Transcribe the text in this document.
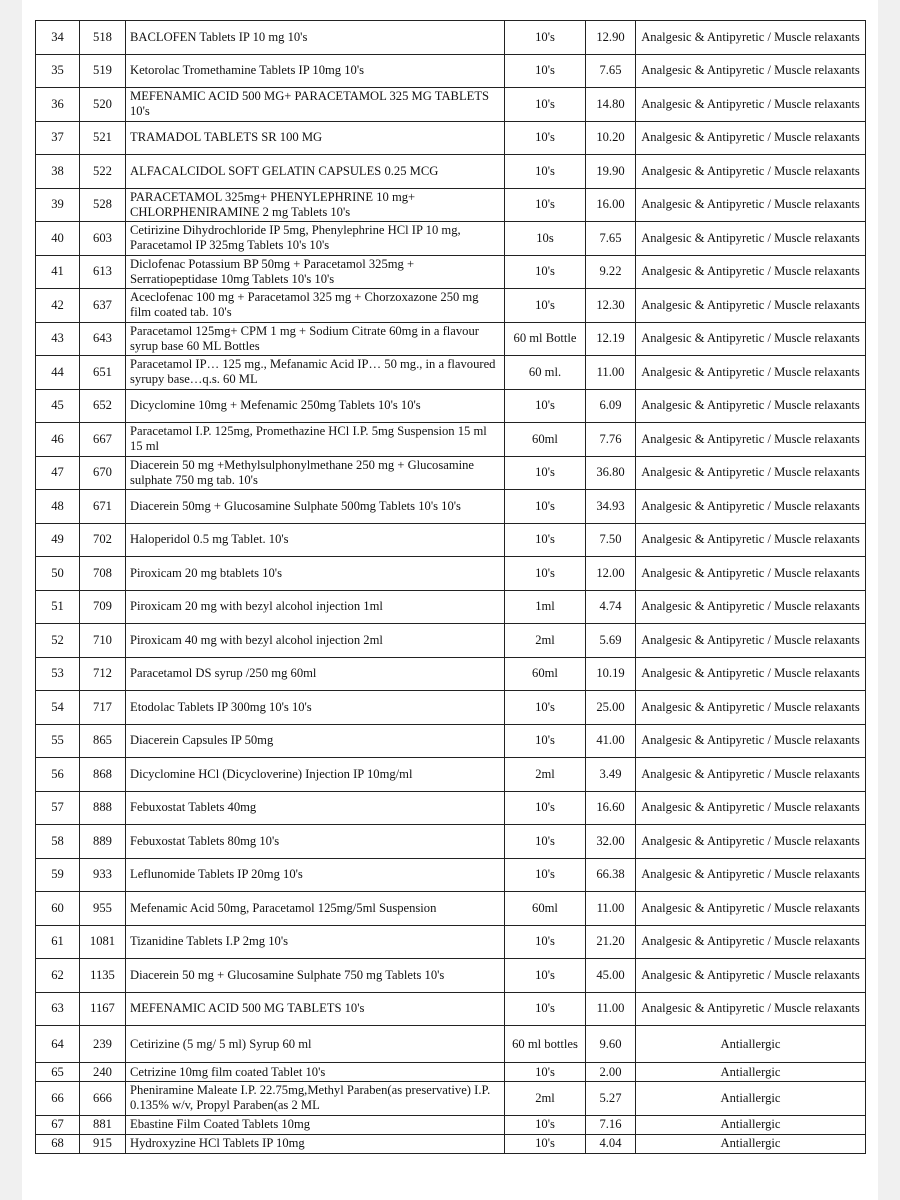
34	518	BACLOFEN Tablets IP 10 mg 10's	10's	12.90	Analgesic & Antipyretic / Muscle relaxants
35	519	Ketorolac Tromethamine Tablets IP 10mg 10's	10's	7.65	Analgesic & Antipyretic / Muscle relaxants
36	520	MEFENAMIC ACID 500 MG+ PARACETAMOL 325 MG TABLETS 10's	10's	14.80	Analgesic & Antipyretic / Muscle relaxants
37	521	TRAMADOL TABLETS SR 100 MG	10's	10.20	Analgesic & Antipyretic / Muscle relaxants
38	522	ALFACALCIDOL SOFT GELATIN CAPSULES 0.25 MCG	10's	19.90	Analgesic & Antipyretic / Muscle relaxants
39	528	PARACETAMOL 325mg+ PHENYLEPHRINE 10 mg+ CHLORPHENIRAMINE 2 mg Tablets 10's	10's	16.00	Analgesic & Antipyretic / Muscle relaxants
40	603	Cetirizine Dihydrochloride IP 5mg, Phenylephrine HCl IP 10 mg, Paracetamol IP 325mg Tablets 10's 10's	10s	7.65	Analgesic & Antipyretic / Muscle relaxants
41	613	Diclofenac Potassium BP 50mg + Paracetamol 325mg + Serratiopeptidase 10mg Tablets 10's 10's	10's	9.22	Analgesic & Antipyretic / Muscle relaxants
42	637	Aceclofenac 100 mg + Paracetamol 325 mg + Chorzoxazone 250 mg film coated tab. 10's	10's	12.30	Analgesic & Antipyretic / Muscle relaxants
43	643	Paracetamol 125mg+ CPM 1 mg + Sodium Citrate 60mg in a flavour syrup base 60 ML Bottles	60 ml Bottle	12.19	Analgesic & Antipyretic / Muscle relaxants
44	651	Paracetamol IP… 125 mg., Mefanamic Acid IP… 50 mg., in a flavoured syrupy base…q.s. 60 ML	60 ml.	11.00	Analgesic & Antipyretic / Muscle relaxants
45	652	Dicyclomine 10mg + Mefenamic 250mg Tablets 10's 10's	10's	6.09	Analgesic & Antipyretic / Muscle relaxants
46	667	Paracetamol I.P. 125mg, Promethazine HCl I.P. 5mg Suspension 15 ml 15 ml	60ml	7.76	Analgesic & Antipyretic / Muscle relaxants
47	670	Diacerein 50 mg +Methylsulphonylmethane 250 mg + Glucosamine sulphate 750 mg tab. 10's	10's	36.80	Analgesic & Antipyretic / Muscle relaxants
48	671	Diacerein 50mg + Glucosamine Sulphate 500mg Tablets 10's 10's	10's	34.93	Analgesic & Antipyretic / Muscle relaxants
49	702	Haloperidol 0.5 mg Tablet. 10's	10's	7.50	Analgesic & Antipyretic / Muscle relaxants
50	708	Piroxicam 20 mg btablets 10's	10's	12.00	Analgesic & Antipyretic / Muscle relaxants
51	709	Piroxicam 20 mg with bezyl alcohol injection 1ml	1ml	4.74	Analgesic & Antipyretic / Muscle relaxants
52	710	Piroxicam 40 mg with bezyl alcohol injection 2ml	2ml	5.69	Analgesic & Antipyretic / Muscle relaxants
53	712	Paracetamol DS syrup /250 mg 60ml	60ml	10.19	Analgesic & Antipyretic / Muscle relaxants
54	717	Etodolac Tablets IP 300mg 10's 10's	10's	25.00	Analgesic & Antipyretic / Muscle relaxants
55	865	Diacerein Capsules IP 50mg	10's	41.00	Analgesic & Antipyretic / Muscle relaxants
56	868	Dicyclomine HCl (Dicycloverine) Injection IP 10mg/ml	2ml	3.49	Analgesic & Antipyretic / Muscle relaxants
57	888	Febuxostat Tablets 40mg	10's	16.60	Analgesic & Antipyretic / Muscle relaxants
58	889	Febuxostat Tablets 80mg 10's	10's	32.00	Analgesic & Antipyretic / Muscle relaxants
59	933	Leflunomide Tablets IP 20mg 10's	10's	66.38	Analgesic & Antipyretic / Muscle relaxants
60	955	Mefenamic Acid 50mg, Paracetamol 125mg/5ml Suspension	60ml	11.00	Analgesic & Antipyretic / Muscle relaxants
61	1081	Tizanidine Tablets I.P 2mg 10's	10's	21.20	Analgesic & Antipyretic / Muscle relaxants
62	1135	Diacerein 50 mg + Glucosamine Sulphate 750 mg Tablets 10's	10's	45.00	Analgesic & Antipyretic / Muscle relaxants
63	1167	MEFENAMIC ACID 500 MG TABLETS 10's	10's	11.00	Analgesic & Antipyretic / Muscle relaxants
64	239	Cetirizine (5 mg/ 5 ml) Syrup 60 ml	60 ml bottles	9.60	Antiallergic
65	240	Cetrizine 10mg film coated Tablet 10's	10's	2.00	Antiallergic
66	666	Pheniramine Maleate I.P. 22.75mg,Methyl Paraben(as preservative) I.P. 0.135% w/v, Propyl Paraben(as 2 ML	2ml	5.27	Antiallergic
67	881	Ebastine Film Coated Tablets 10mg	10's	7.16	Antiallergic
68	915	Hydroxyzine HCl Tablets IP 10mg	10's	4.04	Antiallergic
